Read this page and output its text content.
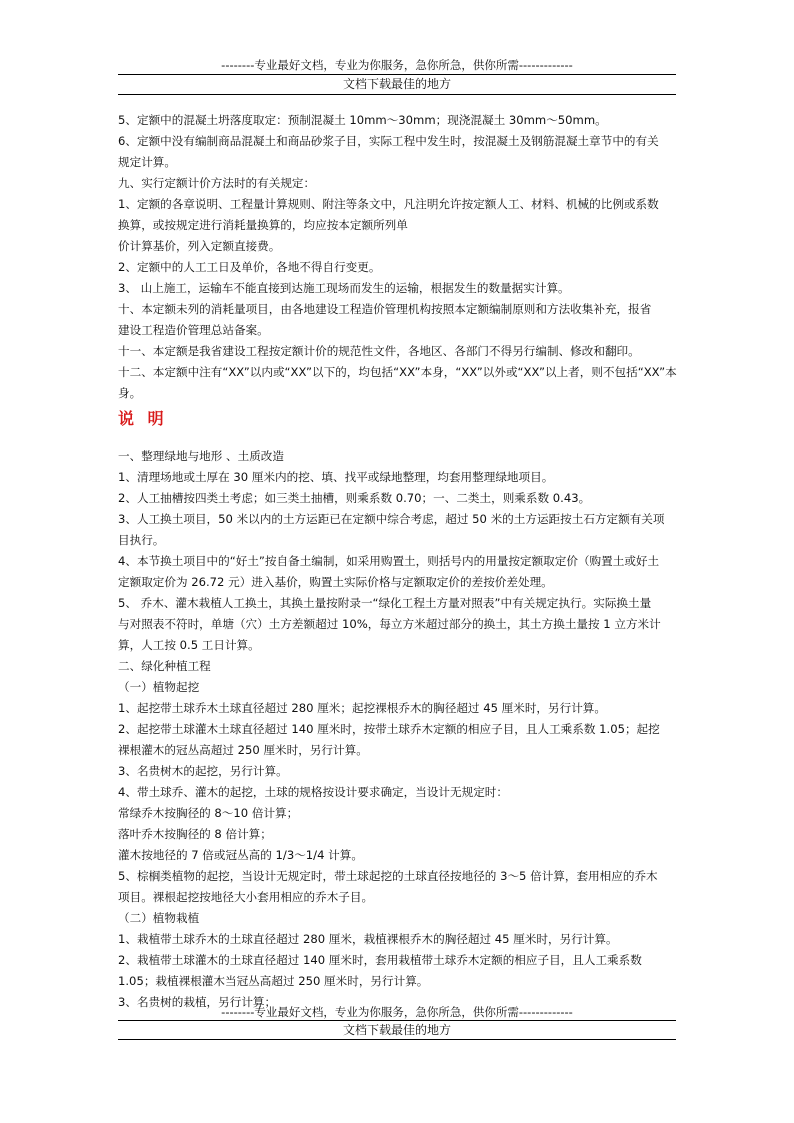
--------专业最好文档，专业为你服务，急你所急，供你所需-------------
文档下载最佳的地方

5、定额中的混凝土坍落度取定：预制混凝土 10mm～30mm；现浇混凝土 30mm～50mm。

6、定额中没有编制商品混凝土和商品砂浆子目，实际工程中发生时，按混凝土及钢筋混凝土章节中的有关

规定计算。

九、实行定额计价方法时的有关规定：

1、定额的各章说明、工程量计算规则、附注等条文中，凡注明允许按定额人工、材料、机械的比例或系数

换算，或按规定进行消耗量换算的，均应按本定额所列单

价计算基价，列入定额直接费。

2、定额中的人工工日及单价，各地不得自行变更。

3、 山上施工，运输车不能直接到达施工现场而发生的运输，根据发生的数量据实计算。

十、本定额未列的消耗量项目，由各地建设工程造价管理机构按照本定额编制原则和方法收集补充，报省

建设工程造价管理总站备案。

十一、本定额是我省建设工程按定额计价的规范性文件，各地区、各部门不得另行编制、修改和翻印。

十二、本定额中注有“XX”以内或“XX”以下的，均包括“XX”本身，“XX”以外或“XX”以上者，则不包括“XX”本

身。

说 明

一、整理绿地与地形 、土质改造

1、清理场地或土厚在 30 厘米内的挖、填、找平或绿地整理，均套用整理绿地项目。

2、人工抽槽按四类土考虑；如三类土抽槽，则乘系数 0.70；一、二类土，则乘系数 0.43。

3、人工换土项目，50 米以内的土方运距已在定额中综合考虑，超过 50 米的土方运距按土石方定额有关项

目执行。

4、本节换土项目中的“好土”按自备土编制，如采用购置土，则括号内的用量按定额取定价（购置土或好土

定额取定价为 26.72 元）进入基价，购置土实际价格与定额取定价的差按价差处理。

5、 乔木、灌木栽植人工换土，其换土量按附录一“绿化工程土方量对照表”中有关规定执行。实际换土量

与对照表不符时，单塘（穴）土方差额超过 10%，每立方米超过部分的换土，其土方换土量按 1 立方米计

算，人工按 0.5 工日计算。

二、绿化种植工程

（一）植物起挖

1、起挖带土球乔木土球直径超过 280 厘米；起挖裸根乔木的胸径超过 45 厘米时，另行计算。

2、起挖带土球灌木土球直径超过 140 厘米时，按带土球乔木定额的相应子目，且人工乘系数 1.05；起挖

裸根灌木的冠丛高超过 250 厘米时，另行计算。

3、名贵树木的起挖，另行计算。

4、带土球乔、灌木的起挖，土球的规格按设计要求确定，当设计无规定时：

常绿乔木按胸径的 8～10 倍计算；

落叶乔木按胸径的 8 倍计算；

灌木按地径的 7 倍或冠丛高的 1/3～1/4 计算。

5、棕榈类植物的起挖，当设计无规定时，带土球起挖的土球直径按地径的 3～5 倍计算，套用相应的乔木

项目。裸根起挖按地径大小套用相应的乔木子目。

（二）植物栽植

1、栽植带土球乔木的土球直径超过 280 厘米，栽植裸根乔木的胸径超过 45 厘米时，另行计算。

2、栽植带土球灌木的土球直径超过 140 厘米时，套用栽植带土球乔木定额的相应子目，且人工乘系数

1.05；栽植裸根灌木当冠丛高超过 250 厘米时，另行计算。

3、名贵树的栽植，另行计算；

--------专业最好文档，专业为你服务，急你所急，供你所需-------------
文档下载最佳的地方
